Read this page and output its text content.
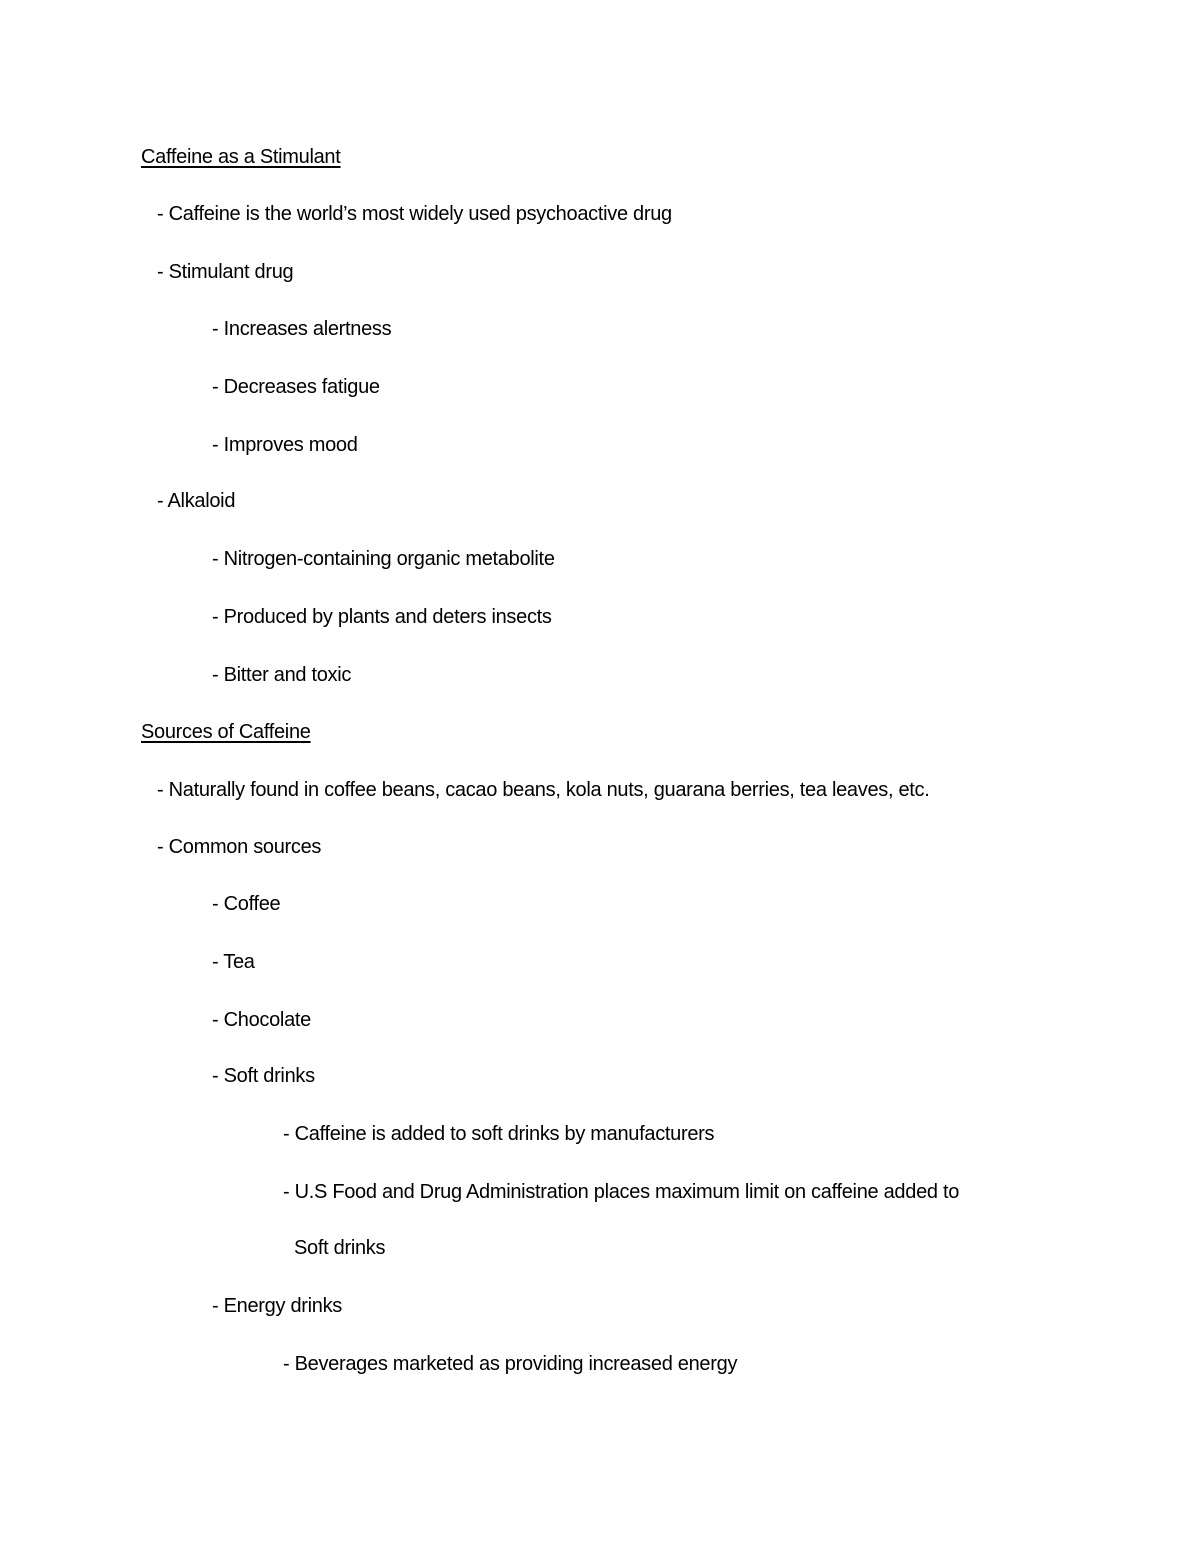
Caffeine as a Stimulant
- Caffeine is the world’s most widely used psychoactive drug
- Stimulant drug
- Increases alertness
- Decreases fatigue
- Improves mood
- Alkaloid
- Nitrogen-containing organic metabolite
- Produced by plants and deters insects
- Bitter and toxic
Sources of Caffeine
- Naturally found in coffee beans, cacao beans, kola nuts, guarana berries, tea leaves, etc.
- Common sources
- Coffee
- Tea
- Chocolate
- Soft drinks
- Caffeine is added to soft drinks by manufacturers
- U.S Food and Drug Administration places maximum limit on caffeine added to
Soft drinks
- Energy drinks
- Beverages marketed as providing increased energy
